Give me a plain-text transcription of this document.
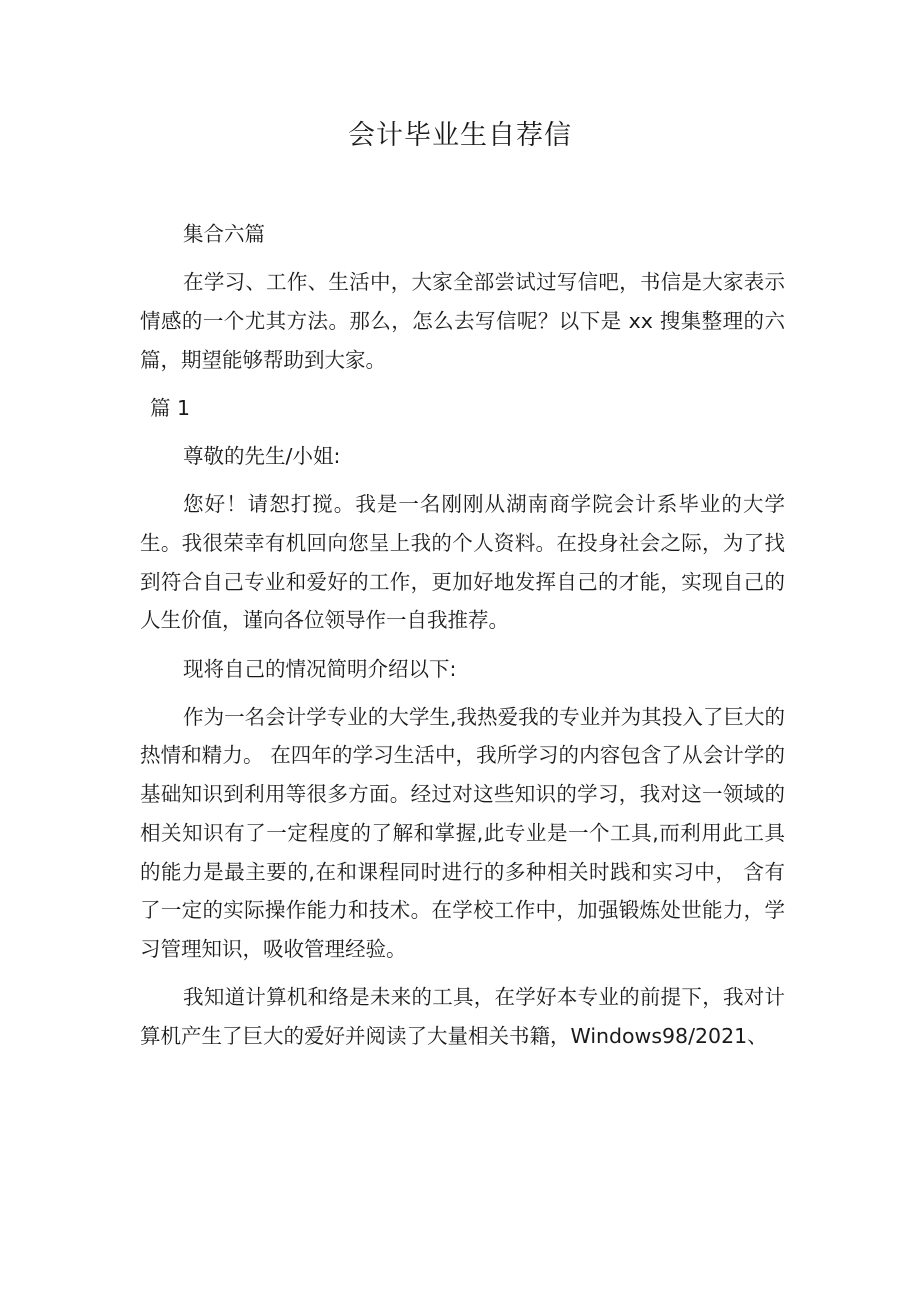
会计毕业生自荐信

集合六篇

在学习、工作、生活中，大家全部尝试过写信吧，书信是大家表示情感的一个尤其方法。那么，怎么去写信呢？以下是 xx 搜集整理的六篇，期望能够帮助到大家。

篇 1

尊敬的先生/小姐:

您好！请恕打搅。我是一名刚刚从湖南商学院会计系毕业的大学生。我很荣幸有机回向您呈上我的个人资料。在投身社会之际，为了找到符合自己专业和爱好的工作，更加好地发挥自己的才能，实现自己的人生价值，谨向各位领导作一自我推荐。

现将自己的情况简明介绍以下:

作为一名会计学专业的大学生,我热爱我的专业并为其投入了巨大的热情和精力。 在四年的学习生活中，我所学习的内容包含了从会计学的基础知识到利用等很多方面。经过对这些知识的学习，我对这一领域的相关知识有了一定程度的了解和掌握,此专业是一个工具,而利用此工具的能力是最主要的,在和课程同时进行的多种相关时践和实习中， 含有了一定的实际操作能力和技术。在学校工作中，加强锻炼处世能力，学习管理知识，吸收管理经验。

我知道计算机和络是未来的工具，在学好本专业的前提下，我对计算机产生了巨大的爱好并阅读了大量相关书籍，Windows98/2021、
